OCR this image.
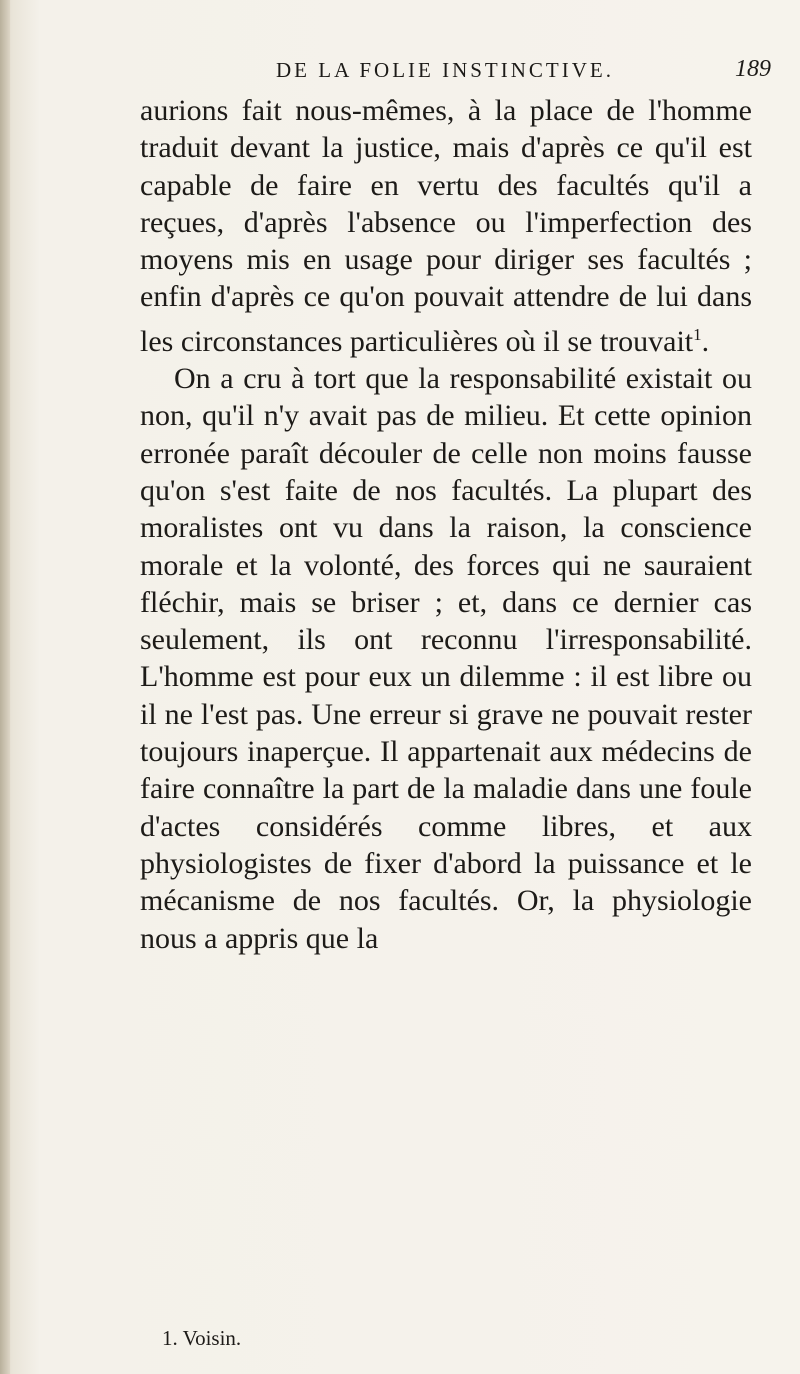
DE LA FOLIE INSTINCTIVE.	189

aurions fait nous-mêmes, à la place de l'homme traduit devant la justice, mais d'après ce qu'il est capable de faire en vertu des facultés qu'il a reçues, d'après l'absence ou l'imperfection des moyens mis en usage pour diriger ses facultés ; enfin d'après ce qu'on pouvait attendre de lui dans les circonstances particulières où il se trouvait$^1$.

On a cru à tort que la responsabilité existait ou non, qu'il n'y avait pas de milieu. Et cette opinion erronée paraît découler de celle non moins fausse qu'on s'est faite de nos facultés. La plupart des moralistes ont vu dans la raison, la conscience morale et la volonté, des forces qui ne sauraient fléchir, mais se briser ; et, dans ce dernier cas seulement, ils ont reconnu l'irresponsabilité. L'homme est pour eux un dilemme : il est libre ou il ne l'est pas. Une erreur si grave ne pouvait rester toujours inaperçue. Il appartenait aux médecins de faire connaître la part de la maladie dans une foule d'actes considérés comme libres, et aux physiologistes de fixer d'abord la puissance et le mécanisme de nos facultés. Or, la physiologie nous a appris que la

1. Voisin.
